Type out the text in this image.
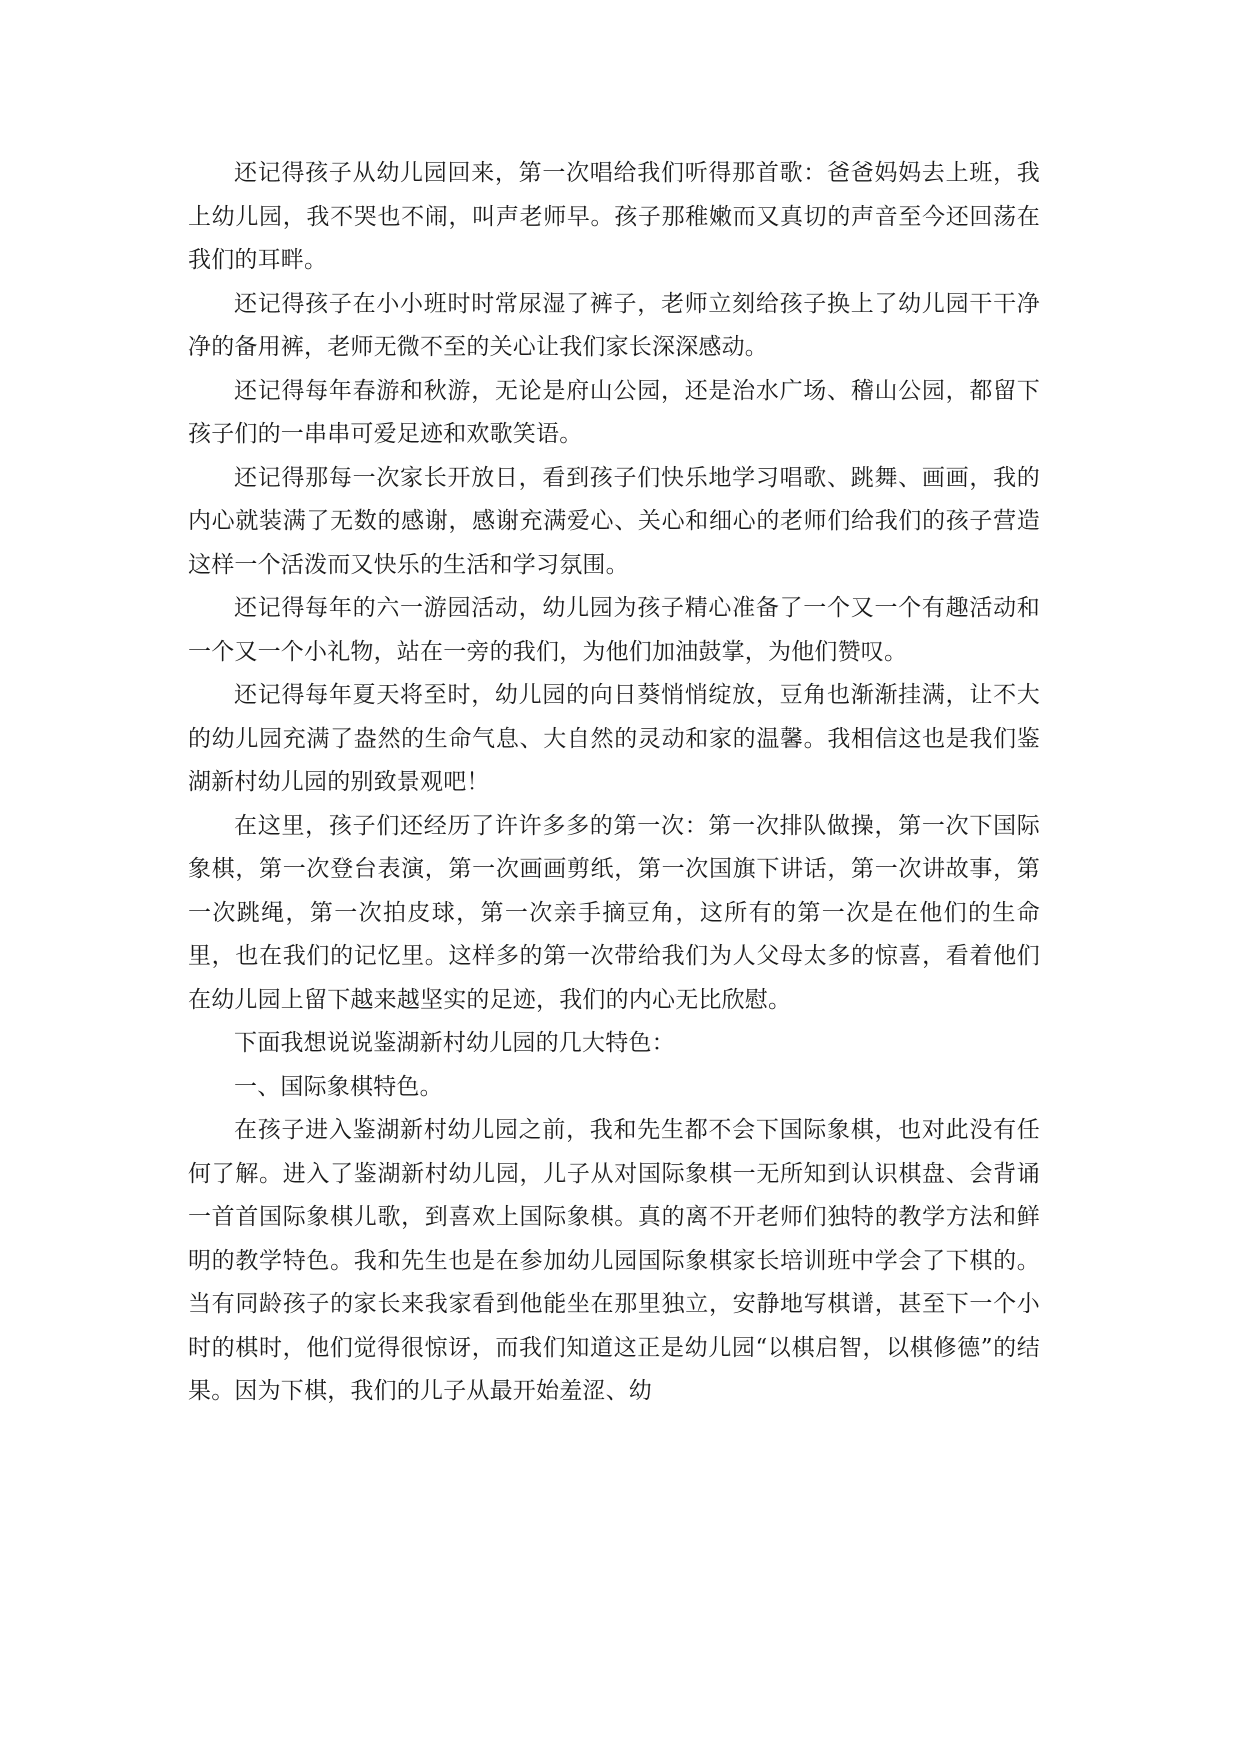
还记得孩子从幼儿园回来，第一次唱给我们听得那首歌：爸爸妈妈去上班，我上幼儿园，我不哭也不闹，叫声老师早。孩子那稚嫩而又真切的声音至今还回荡在我们的耳畔。

还记得孩子在小小班时时常尿湿了裤子，老师立刻给孩子换上了幼儿园干干净净的备用裤，老师无微不至的关心让我们家长深深感动。

还记得每年春游和秋游，无论是府山公园，还是治水广场、稽山公园，都留下孩子们的一串串可爱足迹和欢歌笑语。

还记得那每一次家长开放日，看到孩子们快乐地学习唱歌、跳舞、画画，我的内心就装满了无数的感谢，感谢充满爱心、关心和细心的老师们给我们的孩子营造这样一个活泼而又快乐的生活和学习氛围。

还记得每年的六一游园活动，幼儿园为孩子精心准备了一个又一个有趣活动和一个又一个小礼物，站在一旁的我们，为他们加油鼓掌，为他们赞叹。

还记得每年夏天将至时，幼儿园的向日葵悄悄绽放，豆角也渐渐挂满，让不大的幼儿园充满了盎然的生命气息、大自然的灵动和家的温馨。我相信这也是我们鉴湖新村幼儿园的别致景观吧！

在这里，孩子们还经历了许许多多的第一次：第一次排队做操，第一次下国际象棋，第一次登台表演，第一次画画剪纸，第一次国旗下讲话，第一次讲故事，第一次跳绳，第一次拍皮球，第一次亲手摘豆角，这所有的第一次是在他们的生命里，也在我们的记忆里。这样多的第一次带给我们为人父母太多的惊喜，看着他们在幼儿园上留下越来越坚实的足迹，我们的内心无比欣慰。

下面我想说说鉴湖新村幼儿园的几大特色：

一、国际象棋特色。

在孩子进入鉴湖新村幼儿园之前，我和先生都不会下国际象棋，也对此没有任何了解。进入了鉴湖新村幼儿园，儿子从对国际象棋一无所知到认识棋盘、会背诵一首首国际象棋儿歌，到喜欢上国际象棋。真的离不开老师们独特的教学方法和鲜明的教学特色。我和先生也是在参加幼儿园国际象棋家长培训班中学会了下棋的。当有同龄孩子的家长来我家看到他能坐在那里独立，安静地写棋谱，甚至下一个小时的棋时，他们觉得很惊讶，而我们知道这正是幼儿园“以棋启智，以棋修德”的结果。因为下棋，我们的儿子从最开始羞涩、幼
